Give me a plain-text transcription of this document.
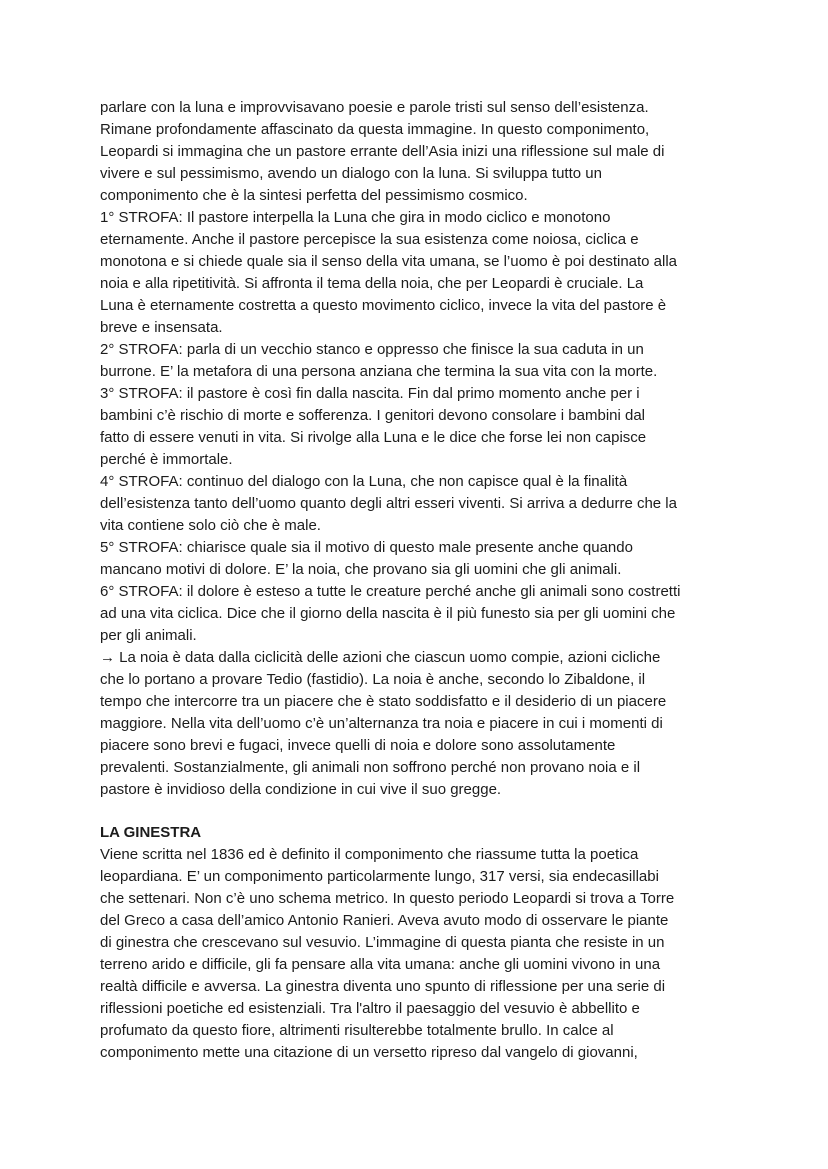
parlare con la luna e improvvisavano poesie e parole tristi sul senso dell’esistenza.
Rimane profondamente affascinato da questa immagine. In questo componimento,
Leopardi si immagina che un pastore errante dell’Asia inizi una riflessione sul male di
vivere e sul pessimismo, avendo un dialogo con la luna. Si sviluppa tutto un
componimento che è la sintesi perfetta del pessimismo cosmico.
1° STROFA: Il pastore interpella la Luna che gira in modo ciclico e monotono
eternamente. Anche il pastore percepisce la sua esistenza come noiosa, ciclica e
monotona e si chiede quale sia il senso della vita umana, se l’uomo è poi destinato alla
noia e alla ripetitività. Si affronta il tema della noia, che per Leopardi è cruciale. La
Luna è eternamente costretta a questo movimento ciclico, invece la vita del pastore è
breve e insensata.
2° STROFA: parla di un vecchio stanco e oppresso che finisce la sua caduta in un
burrone. E’ la metafora di una persona anziana che termina la sua vita con la morte.
3° STROFA: il pastore è così fin dalla nascita. Fin dal primo momento anche per i
bambini c’è rischio di morte e sofferenza. I genitori devono consolare i bambini dal
fatto di essere venuti in vita. Si rivolge alla Luna e le dice che forse lei non capisce
perché è immortale.
4° STROFA: continuo del dialogo con la Luna, che non capisce qual è la finalità
dell’esistenza tanto dell’uomo quanto degli altri esseri viventi. Si arriva a dedurre che la
vita contiene solo ciò che è male.
5° STROFA: chiarisce quale sia il motivo di questo male presente anche quando
mancano motivi di dolore. E’ la noia, che provano sia gli uomini che gli animali.
6° STROFA: il dolore è esteso a tutte le creature perché anche gli animali sono costretti
ad una vita ciclica. Dice che il giorno della nascita è il più funesto sia per gli uomini che
per gli animali.
→ La noia è data dalla ciclicità delle azioni che ciascun uomo compie, azioni cicliche
che lo portano a provare Tedio (fastidio). La noia è anche, secondo lo Zibaldone, il
tempo che intercorre tra un piacere che è stato soddisfatto e il desiderio di un piacere
maggiore. Nella vita dell’uomo c’è un’alternanza tra noia e piacere in cui i momenti di
piacere sono brevi e fugaci, invece quelli di noia e dolore sono assolutamente
prevalenti. Sostanzialmente, gli animali non soffrono perché non provano noia e il
pastore è invidioso della condizione in cui vive il suo gregge.
LA GINESTRA
Viene scritta nel 1836 ed è definito il componimento che riassume tutta la poetica
leopardiana. E’ un componimento particolarmente lungo, 317 versi, sia endecasillabi
che settenari. Non c’è uno schema metrico. In questo periodo Leopardi si trova a Torre
del Greco a casa dell’amico Antonio Ranieri. Aveva avuto modo di osservare le piante
di ginestra che crescevano sul vesuvio. L’immagine di questa pianta che resiste in un
terreno arido e difficile, gli fa pensare alla vita umana: anche gli uomini vivono in una
realtà difficile e avversa. La ginestra diventa uno spunto di riflessione per una serie di
riflessioni poetiche ed esistenziali. Tra l'altro il paesaggio del vesuvio è abbellito e
profumato da questo fiore, altrimenti risulterebbe totalmente brullo. In calce al
componimento mette una citazione di un versetto ripreso dal vangelo di giovanni,
